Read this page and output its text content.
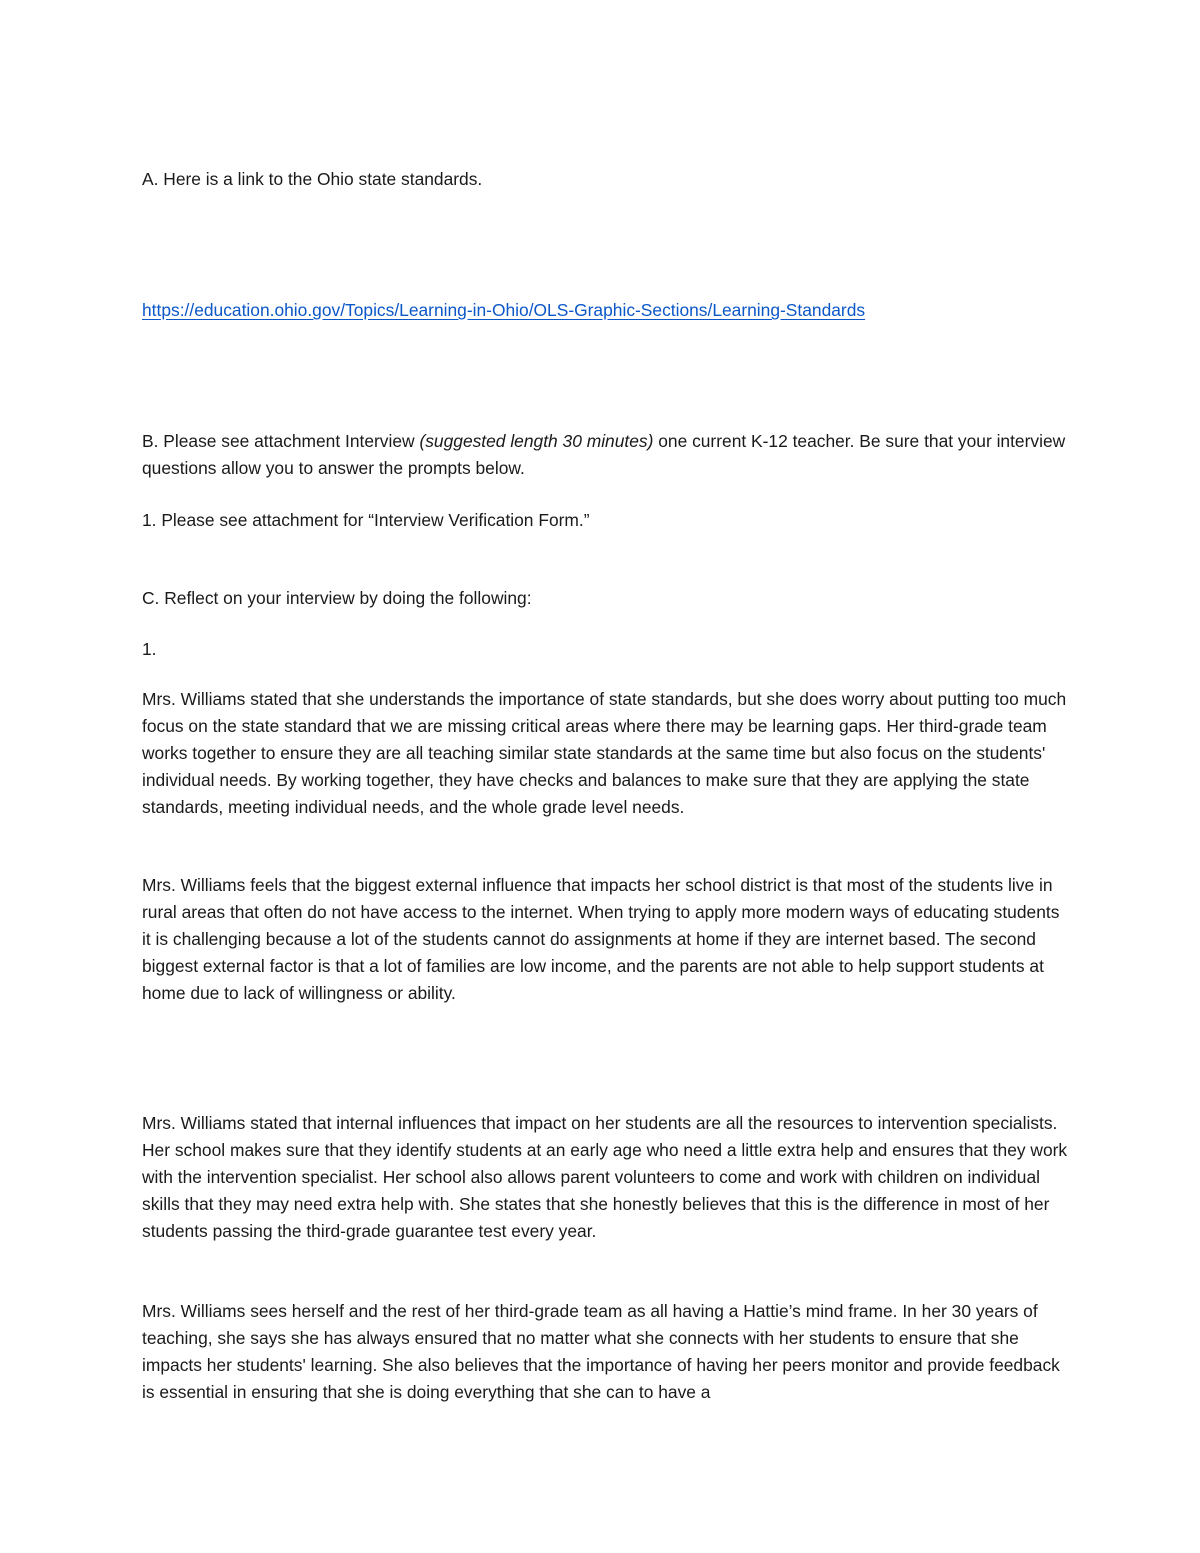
A. Here is a link to the Ohio state standards.

https://education.ohio.gov/Topics/Learning-in-Ohio/OLS-Graphic-Sections/Learning-Standards

B. Please see attachment Interview (suggested length 30 minutes) one current K-12 teacher. Be sure that your interview questions allow you to answer the prompts below.

1. Please see attachment for “Interview Verification Form.”

C. Reflect on your interview by doing the following:

1.

Mrs. Williams stated that she understands the importance of state standards, but she does worry about putting too much focus on the state standard that we are missing critical areas where there may be learning gaps. Her third-grade team works together to ensure they are all teaching similar state standards at the same time but also focus on the students' individual needs. By working together, they have checks and balances to make sure that they are applying the state standards, meeting individual needs, and the whole grade level needs.

Mrs. Williams feels that the biggest external influence that impacts her school district is that most of the students live in rural areas that often do not have access to the internet. When trying to apply more modern ways of educating students it is challenging because a lot of the students cannot do assignments at home if they are internet based. The second biggest external factor is that a lot of families are low income, and the parents are not able to help support students at home due to lack of willingness or ability.

Mrs. Williams stated that internal influences that impact on her students are all the resources to intervention specialists. Her school makes sure that they identify students at an early age who need a little extra help and ensures that they work with the intervention specialist. Her school also allows parent volunteers to come and work with children on individual skills that they may need extra help with. She states that she honestly believes that this is the difference in most of her students passing the third-grade guarantee test every year.

Mrs. Williams sees herself and the rest of her third-grade team as all having a Hattie’s mind frame. In her 30 years of teaching, she says she has always ensured that no matter what she connects with her students to ensure that she impacts her students' learning. She also believes that the importance of having her peers monitor and provide feedback is essential in ensuring that she is doing everything that she can to have a
